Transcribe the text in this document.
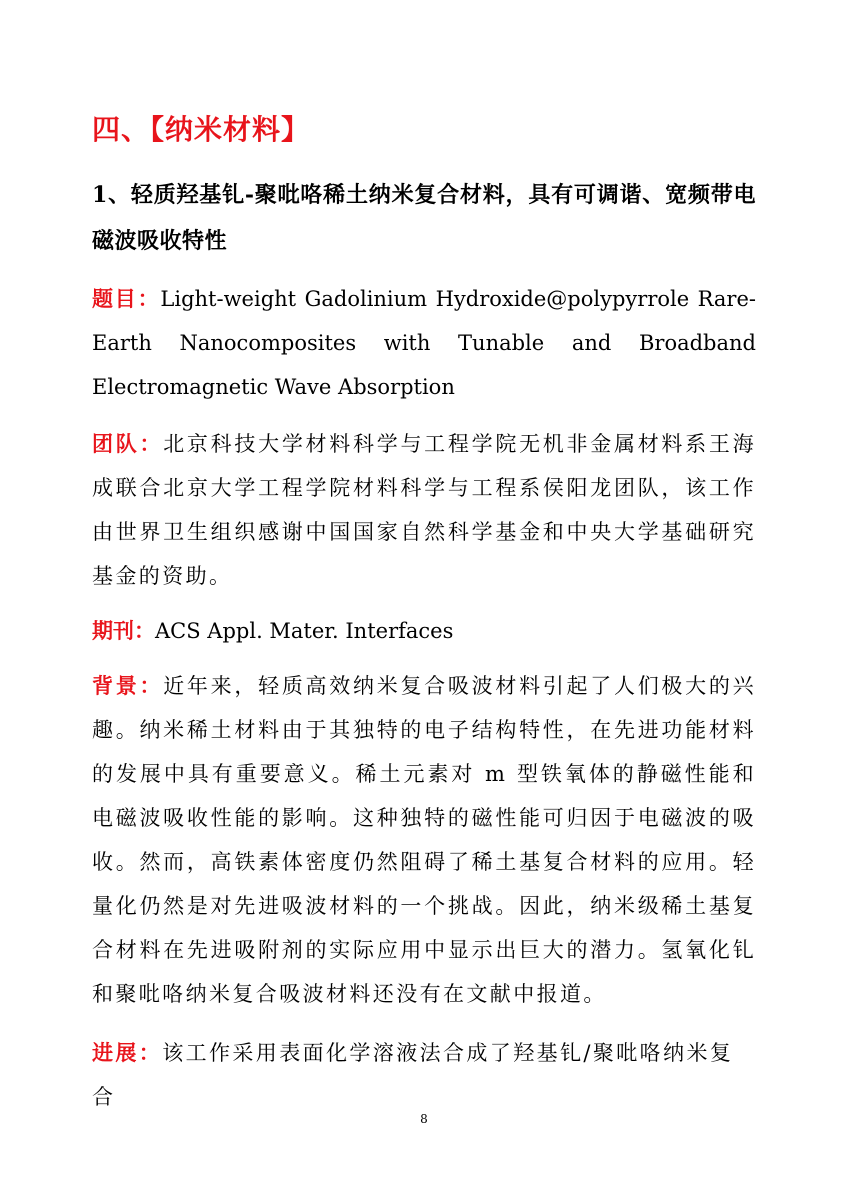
四、【纳米材料】
1、轻质羟基钆-聚吡咯稀土纳米复合材料，具有可调谐、宽频带电磁波吸收特性
题目：Light-weight Gadolinium Hydroxide@polypyrrole Rare-Earth Nanocomposites with Tunable and Broadband Electromagnetic Wave Absorption
团队：北京科技大学材料科学与工程学院无机非金属材料系王海成联合北京大学工程学院材料科学与工程系侯阳龙团队，该工作由世界卫生组织感谢中国国家自然科学基金和中央大学基础研究基金的资助。
期刊：ACS Appl. Mater. Interfaces
背景：近年来，轻质高效纳米复合吸波材料引起了人们极大的兴趣。纳米稀土材料由于其独特的电子结构特性，在先进功能材料的发展中具有重要意义。稀土元素对 m 型铁氧体的静磁性能和电磁波吸收性能的影响。这种独特的磁性能可归因于电磁波的吸收。然而，高铁素体密度仍然阻碍了稀土基复合材料的应用。轻量化仍然是对先进吸波材料的一个挑战。因此，纳米级稀土基复合材料在先进吸附剂的实际应用中显示出巨大的潜力。氢氧化钆和聚吡咯纳米复合吸波材料还没有在文献中报道。
进展：该工作采用表面化学溶液法合成了羟基钆/聚吡咯纳米复合
8
